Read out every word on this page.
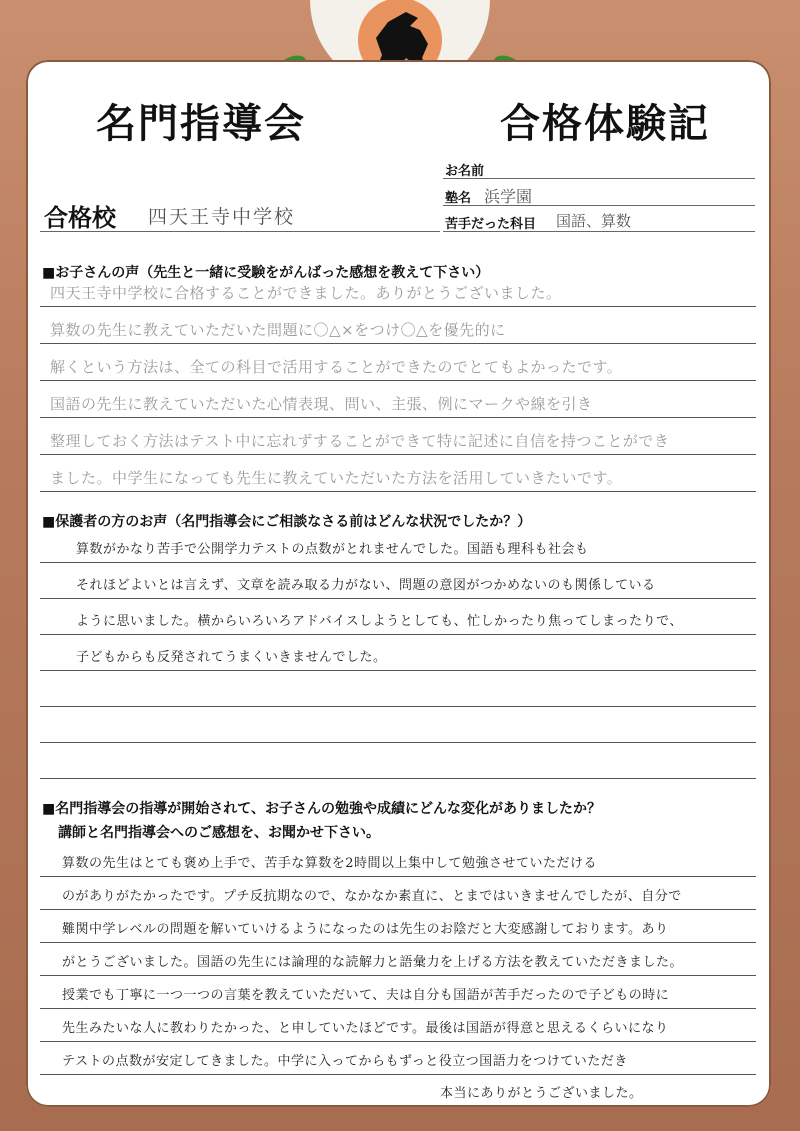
名門指導会	合格体験記
お名前
塾名 浜学園
苦手だった科目 国語、算数
合格校 四天王寺中学校
■お子さんの声（先生と一緒に受験をがんばった感想を教えて下さい）
四天王寺中学校に合格することができました。ありがとうございました。
算数の先生に教えていただいた問題に〇△×をつけ〇△を優先的に
解くという方法は、全ての科目で活用することができたのでとてもよかったです。
国語の先生に教えていただいた心情表現、問い、主張、例にマークや線を引き
整理しておく方法はテスト中に忘れずすることができて特に記述に自信を持つことができ
ました。中学生になっても先生に教えていただいた方法を活用していきたいです。
■保護者の方のお声（名門指導会にご相談なさる前はどんな状況でしたか？）
算数がかなり苦手で公開学力テストの点数がとれませんでした。国語も理科も社会も
それほどよいとは言えず、文章を読み取る力がない、問題の意図がつかめないのも関係している
ように思いました。横からいろいろアドバイスしようとしても、忙しかったり焦ってしまったりで、
子どもからも反発されてうまくいきませんでした。
■名門指導会の指導が開始されて、お子さんの勉強や成績にどんな変化がありましたか？
講師と名門指導会へのご感想を、お聞かせ下さい。
算数の先生はとても褒め上手で、苦手な算数を2時間以上集中して勉強させていただける
のがありがたかったです。プチ反抗期なので、なかなか素直に、とまではいきませんでしたが、自分で
難関中学レベルの問題を解いていけるようになったのは先生のお陰だと大変感謝しております。あり
がとうございました。国語の先生には論理的な読解力と語彙力を上げる方法を教えていただきました。
授業でも丁寧に一つ一つの言葉を教えていただいて、夫は自分も国語が苦手だったので子どもの時に
先生みたいな人に教わりたかった、と申していたほどです。最後は国語が得意と思えるくらいになり
テストの点数が安定してきました。中学に入ってからもずっと役立つ国語力をつけていただき
本当にありがとうございました。
